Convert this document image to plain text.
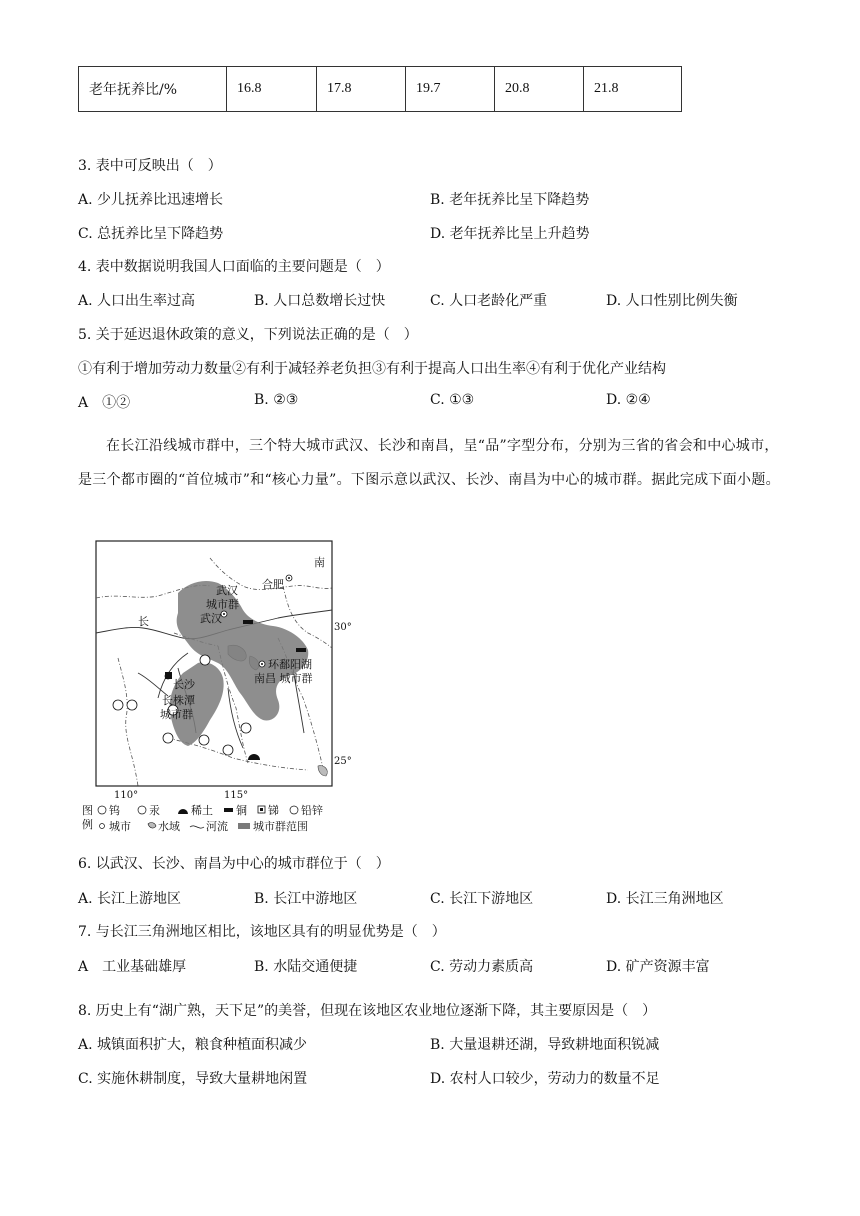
老年抚养比/%	16.8	17.8	19.7	20.8	21.8
3. 表中可反映出（　）
A. 少儿抚养比迅速增长	B. 老年抚养比呈下降趋势
C. 总抚养比呈下降趋势	D. 老年抚养比呈上升趋势
4. 表中数据说明我国人口面临的主要问题是（　）
A. 人口出生率过高	B. 人口总数增长过快	C. 人口老龄化严重	D. 人口性别比例失衡
5. 关于延迟退休政策的意义，下列说法正确的是（　）
①有利于增加劳动力数量②有利于减轻养老负担③有利于提高人口出生率④有利于优化产业结构
A　①②	B. ②③	C. ①③	D. ②④
在长江沿线城市群中，三个特大城市武汉、长沙和南昌，呈“品”字型分布，分别为三省的省会和中心城市，是三个都市圈的“首位城市”和“核心力量”。下图示意以武汉、长沙、南昌为中心的城市群。据此完成下面小题。
武汉
城市群
武汉
合肥
南
长
长沙
长株潭
城市群
环鄱阳湖
南昌 城市群
30°
25°
110°	115°
图
例
钨	汞	稀土 铜 锑 铅锌
城市 水域 河流 城市群范围
6. 以武汉、长沙、南昌为中心的城市群位于（　）
A. 长江上游地区	B. 长江中游地区	C. 长江下游地区	D. 长江三角洲地区
7. 与长江三角洲地区相比，该地区具有的明显优势是（　）
A　工业基础雄厚	B. 水陆交通便捷	C. 劳动力素质高	D. 矿产资源丰富
8. 历史上有“湖广熟，天下足”的美誉，但现在该地区农业地位逐渐下降，其主要原因是（　）
A. 城镇面积扩大，粮食种植面积减少	B. 大量退耕还湖，导致耕地面积锐减
C. 实施休耕制度，导致大量耕地闲置	D. 农村人口较少，劳动力的数量不足
